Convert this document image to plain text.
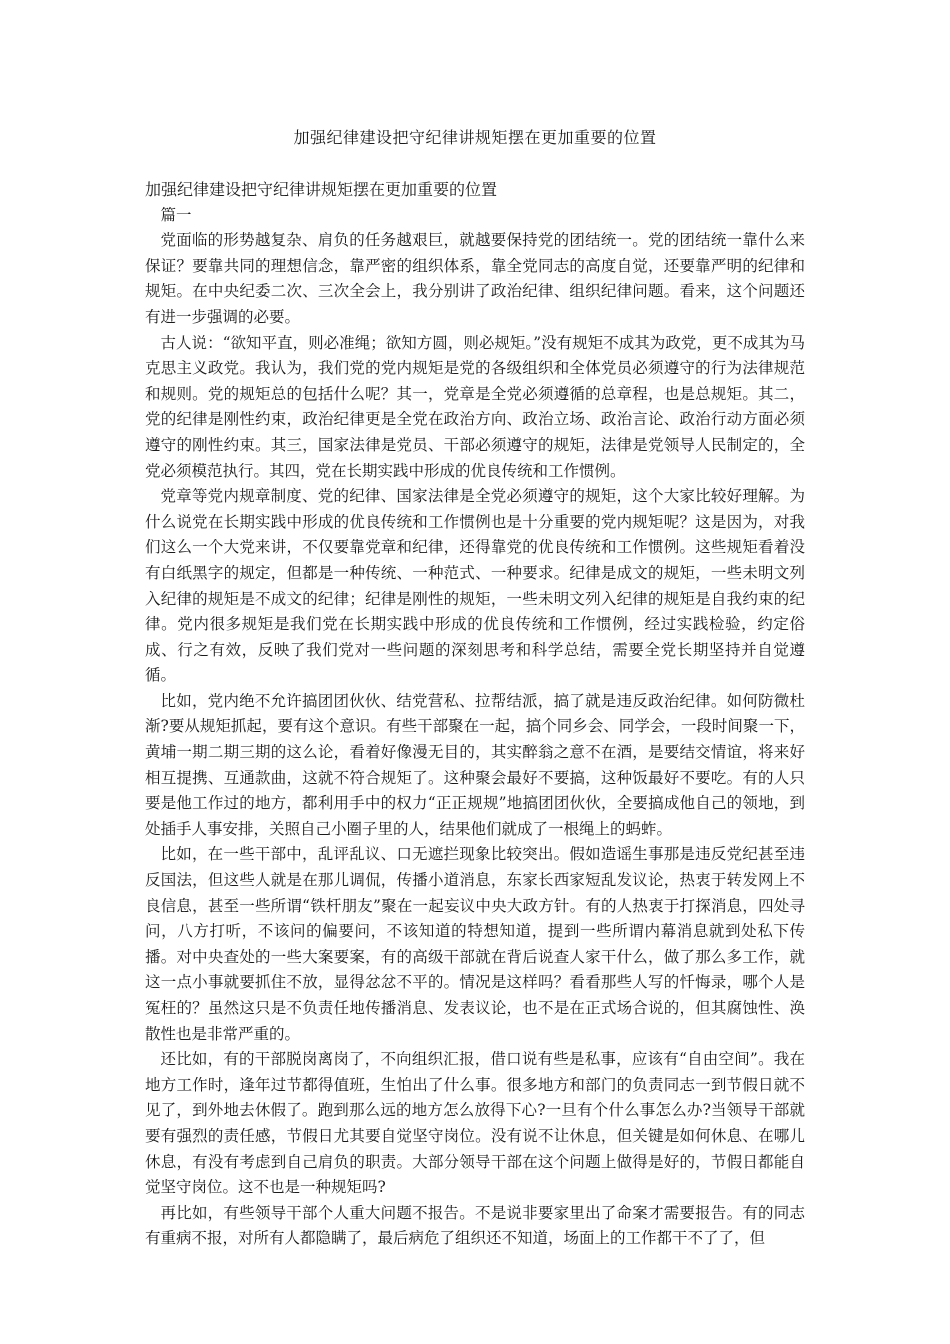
加强纪律建设把守纪律讲规矩摆在更加重要的位置

加强纪律建设把守纪律讲规矩摆在更加重要的位置

篇一

党面临的形势越复杂、肩负的任务越艰巨，就越要保持党的团结统一。党的团结统一靠什么来保证？要靠共同的理想信念，靠严密的组织体系，靠全党同志的高度自觉，还要靠严明的纪律和规矩。在中央纪委二次、三次全会上，我分别讲了政治纪律、组织纪律问题。看来，这个问题还有进一步强调的必要。

古人说：“欲知平直，则必准绳；欲知方圆，则必规矩。”没有规矩不成其为政党，更不成其为马克思主义政党。我认为，我们党的党内规矩是党的各级组织和全体党员必须遵守的行为法律规范和规则。党的规矩总的包括什么呢？其一，党章是全党必须遵循的总章程，也是总规矩。其二，党的纪律是刚性约束，政治纪律更是全党在政治方向、政治立场、政治言论、政治行动方面必须遵守的刚性约束。其三，国家法律是党员、干部必须遵守的规矩，法律是党领导人民制定的，全党必须模范执行。其四，党在长期实践中形成的优良传统和工作惯例。

党章等党内规章制度、党的纪律、国家法律是全党必须遵守的规矩，这个大家比较好理解。为什么说党在长期实践中形成的优良传统和工作惯例也是十分重要的党内规矩呢？这是因为，对我们这么一个大党来讲，不仅要靠党章和纪律，还得靠党的优良传统和工作惯例。这些规矩看着没有白纸黑字的规定，但都是一种传统、一种范式、一种要求。纪律是成文的规矩，一些未明文列入纪律的规矩是不成文的纪律；纪律是刚性的规矩，一些未明文列入纪律的规矩是自我约束的纪律。党内很多规矩是我们党在长期实践中形成的优良传统和工作惯例，经过实践检验，约定俗成、行之有效，反映了我们党对一些问题的深刻思考和科学总结，需要全党长期坚持并自觉遵循。

比如，党内绝不允许搞团团伙伙、结党营私、拉帮结派，搞了就是违反政治纪律。如何防微杜渐?要从规矩抓起，要有这个意识。有些干部聚在一起，搞个同乡会、同学会，一段时间聚一下，黄埔一期二期三期的这么论，看着好像漫无目的，其实醉翁之意不在酒，是要结交情谊，将来好相互提携、互通款曲，这就不符合规矩了。这种聚会最好不要搞，这种饭最好不要吃。有的人只要是他工作过的地方，都利用手中的权力“正正规规”地搞团团伙伙，全要搞成他自己的领地，到处插手人事安排，关照自己小圈子里的人，结果他们就成了一根绳上的蚂蚱。

比如，在一些干部中，乱评乱议、口无遮拦现象比较突出。假如造谣生事那是违反党纪甚至违反国法，但这些人就是在那儿调侃，传播小道消息，东家长西家短乱发议论，热衷于转发网上不良信息，甚至一些所谓“铁杆朋友”聚在一起妄议中央大政方针。有的人热衷于打探消息，四处寻问，八方打听，不该问的偏要问，不该知道的特想知道，提到一些所谓内幕消息就到处私下传播。对中央查处的一些大案要案，有的高级干部就在背后说查人家干什么，做了那么多工作，就这一点小事就要抓住不放，显得忿忿不平的。情况是这样吗？看看那些人写的忏悔录，哪个人是冤枉的？虽然这只是不负责任地传播消息、发表议论，也不是在正式场合说的，但其腐蚀性、涣散性也是非常严重的。

还比如，有的干部脱岗离岗了，不向组织汇报，借口说有些是私事，应该有“自由空间”。我在地方工作时，逢年过节都得值班，生怕出了什么事。很多地方和部门的负责同志一到节假日就不见了，到外地去休假了。跑到那么远的地方怎么放得下心?一旦有个什么事怎么办?当领导干部就要有强烈的责任感，节假日尤其要自觉坚守岗位。没有说不让休息，但关键是如何休息、在哪儿休息，有没有考虑到自己肩负的职责。大部分领导干部在这个问题上做得是好的，节假日都能自觉坚守岗位。这不也是一种规矩吗?

再比如，有些领导干部个人重大问题不报告。不是说非要家里出了命案才需要报告。有的同志有重病不报，对所有人都隐瞒了，最后病危了组织还不知道，场面上的工作都干不了了，但
